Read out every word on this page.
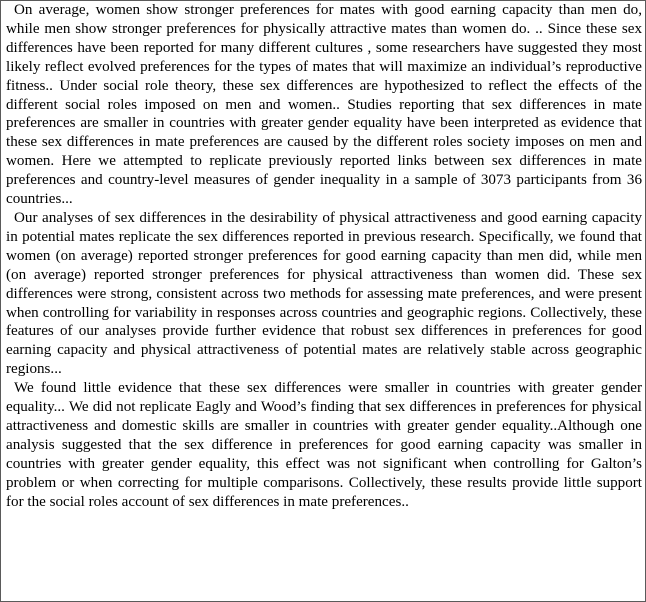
On average, women show stronger preferences for mates with good earning capacity than men do, while men show stronger preferences for physically attractive mates than women do. .. Since these sex differences have been reported for many different cultures , some researchers have suggested they most likely reflect evolved preferences for the types of mates that will maximize an individual’s reproductive fitness.. Under social role theory, these sex differences are hypothesized to reflect the effects of the different social roles imposed on men and women.. Studies reporting that sex differences in mate preferences are smaller in countries with greater gender equality have been interpreted as evidence that these sex differences in mate preferences are caused by the different roles society imposes on men and women. Here we attempted to replicate previously reported links between sex differences in mate preferences and country-level measures of gender inequality in a sample of 3073 participants from 36 countries...

Our analyses of sex differences in the desirability of physical attractiveness and good earning capacity in potential mates replicate the sex differences reported in previous research. Specifically, we found that women (on average) reported stronger preferences for good earning capacity than men did, while men (on average) reported stronger preferences for physical attractiveness than women did. These sex differences were strong, consistent across two methods for assessing mate preferences, and were present when controlling for variability in responses across countries and geographic regions. Collectively, these features of our analyses provide further evidence that robust sex differences in preferences for good earning capacity and physical attractiveness of potential mates are relatively stable across geographic regions...

We found little evidence that these sex differences were smaller in countries with greater gender equality... We did not replicate Eagly and Wood’s finding that sex differences in preferences for physical attractiveness and domestic skills are smaller in countries with greater gender equality..Although one analysis suggested that the sex difference in preferences for good earning capacity was smaller in countries with greater gender equality, this effect was not significant when controlling for Galton’s problem or when correcting for multiple comparisons. Collectively, these results provide little support for the social roles account of sex differences in mate preferences..
